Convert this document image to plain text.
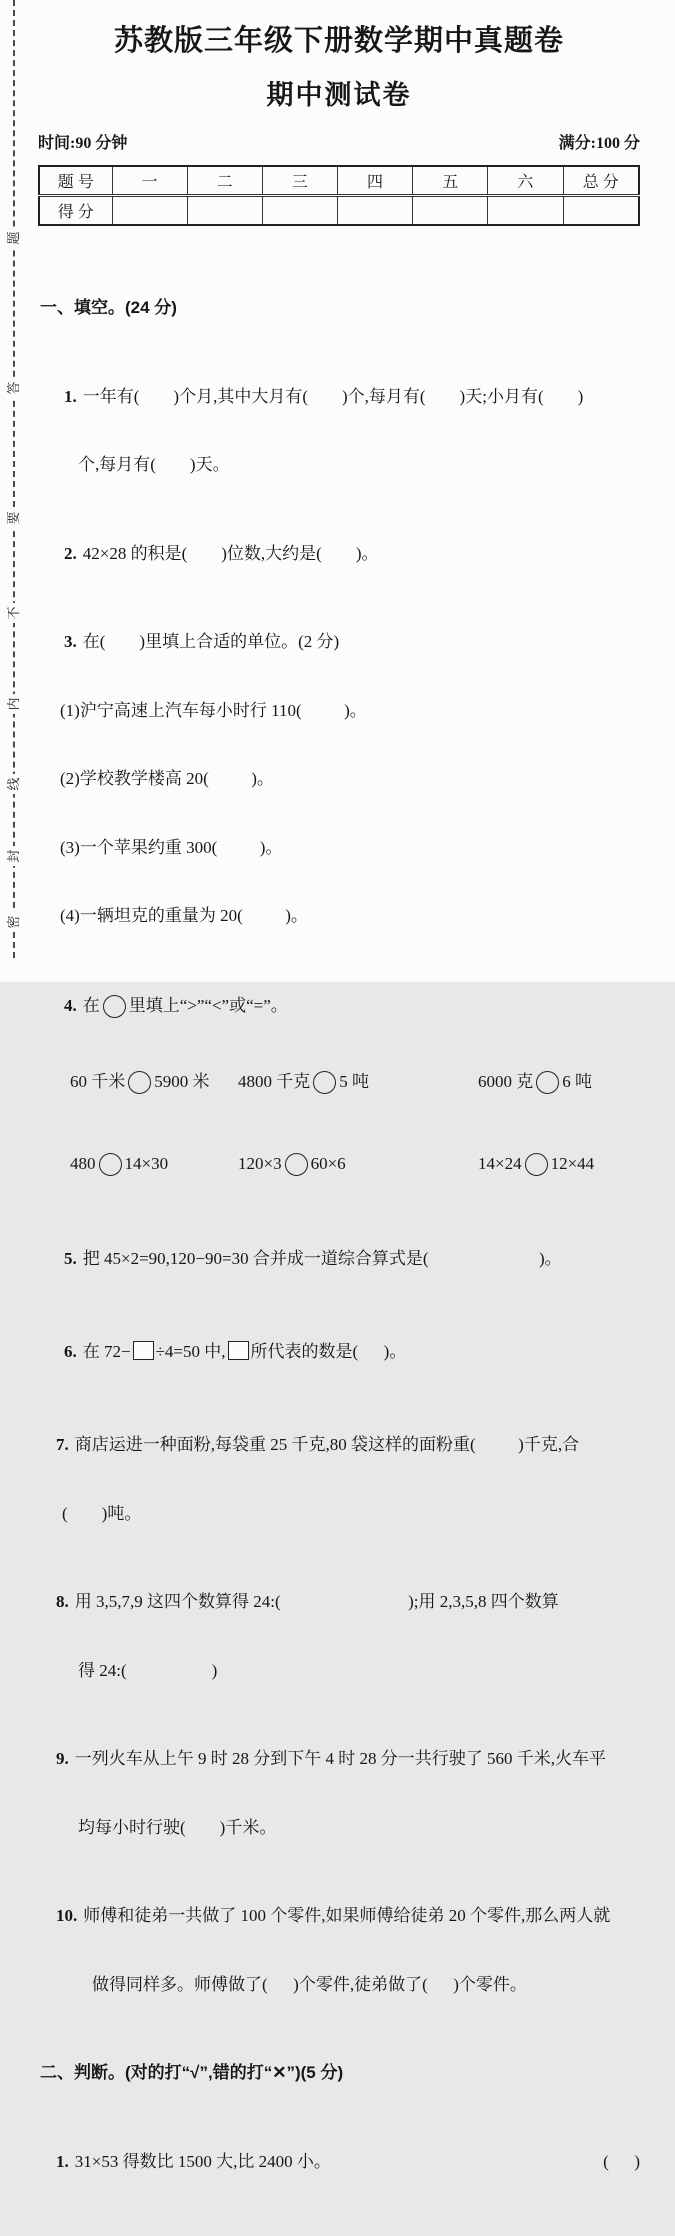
题
答
要
不
内
线
封
密
苏教版三年级下册数学期中真题卷
期中测试卷
时间:90 分钟	满分:100 分
题 号	一	二	三	四	五	六	总 分
得 分							

一、填空。(24 分)

1. 一年有(        )个月,其中大月有(        )个,每月有(        )天;小月有(        )

个,每月有(        )天。

2. 42×28 的积是(        )位数,大约是(        )。

3. 在(        )里填上合适的单位。(2 分)

(1)沪宁高速上汽车每小时行 110(          )。

(2)学校教学楼高 20(          )。

(3)一个苹果约重 300(          )。

(4)一辆坦克的重量为 20(          )。

4. 在 里填上“>”“<”或“=”。

60 千米 5900 米	4800 千克 5 吨	6000 克 6 吨

480 14×30	120×3 60×6	14×24 12×44

5. 把 45×2=90,120−90=30 合并成一道综合算式是(                          )。

6. 在 72− ÷4=50 中, 所代表的数是(      )。

7. 商店运进一种面粉,每袋重 25 千克,80 袋这样的面粉重(          )千克,合

(        )吨。

8. 用 3,5,7,9 这四个数算得 24:(                              );用 2,3,5,8 四个数算

得 24:(                    )

9. 一列火车从上午 9 时 28 分到下午 4 时 28 分一共行驶了 560 千米,火车平

均每小时行驶(        )千米。

10. 师傅和徒弟一共做了 100 个零件,如果师傅给徒弟 20 个零件,那么两人就

做得同样多。师傅做了(      )个零件,徒弟做了(      )个零件。

二、判断。(对的打“√”,错的打“✕”)(5 分)

1. 31×53 得数比 1500 大,比 2400 小。	(      )
